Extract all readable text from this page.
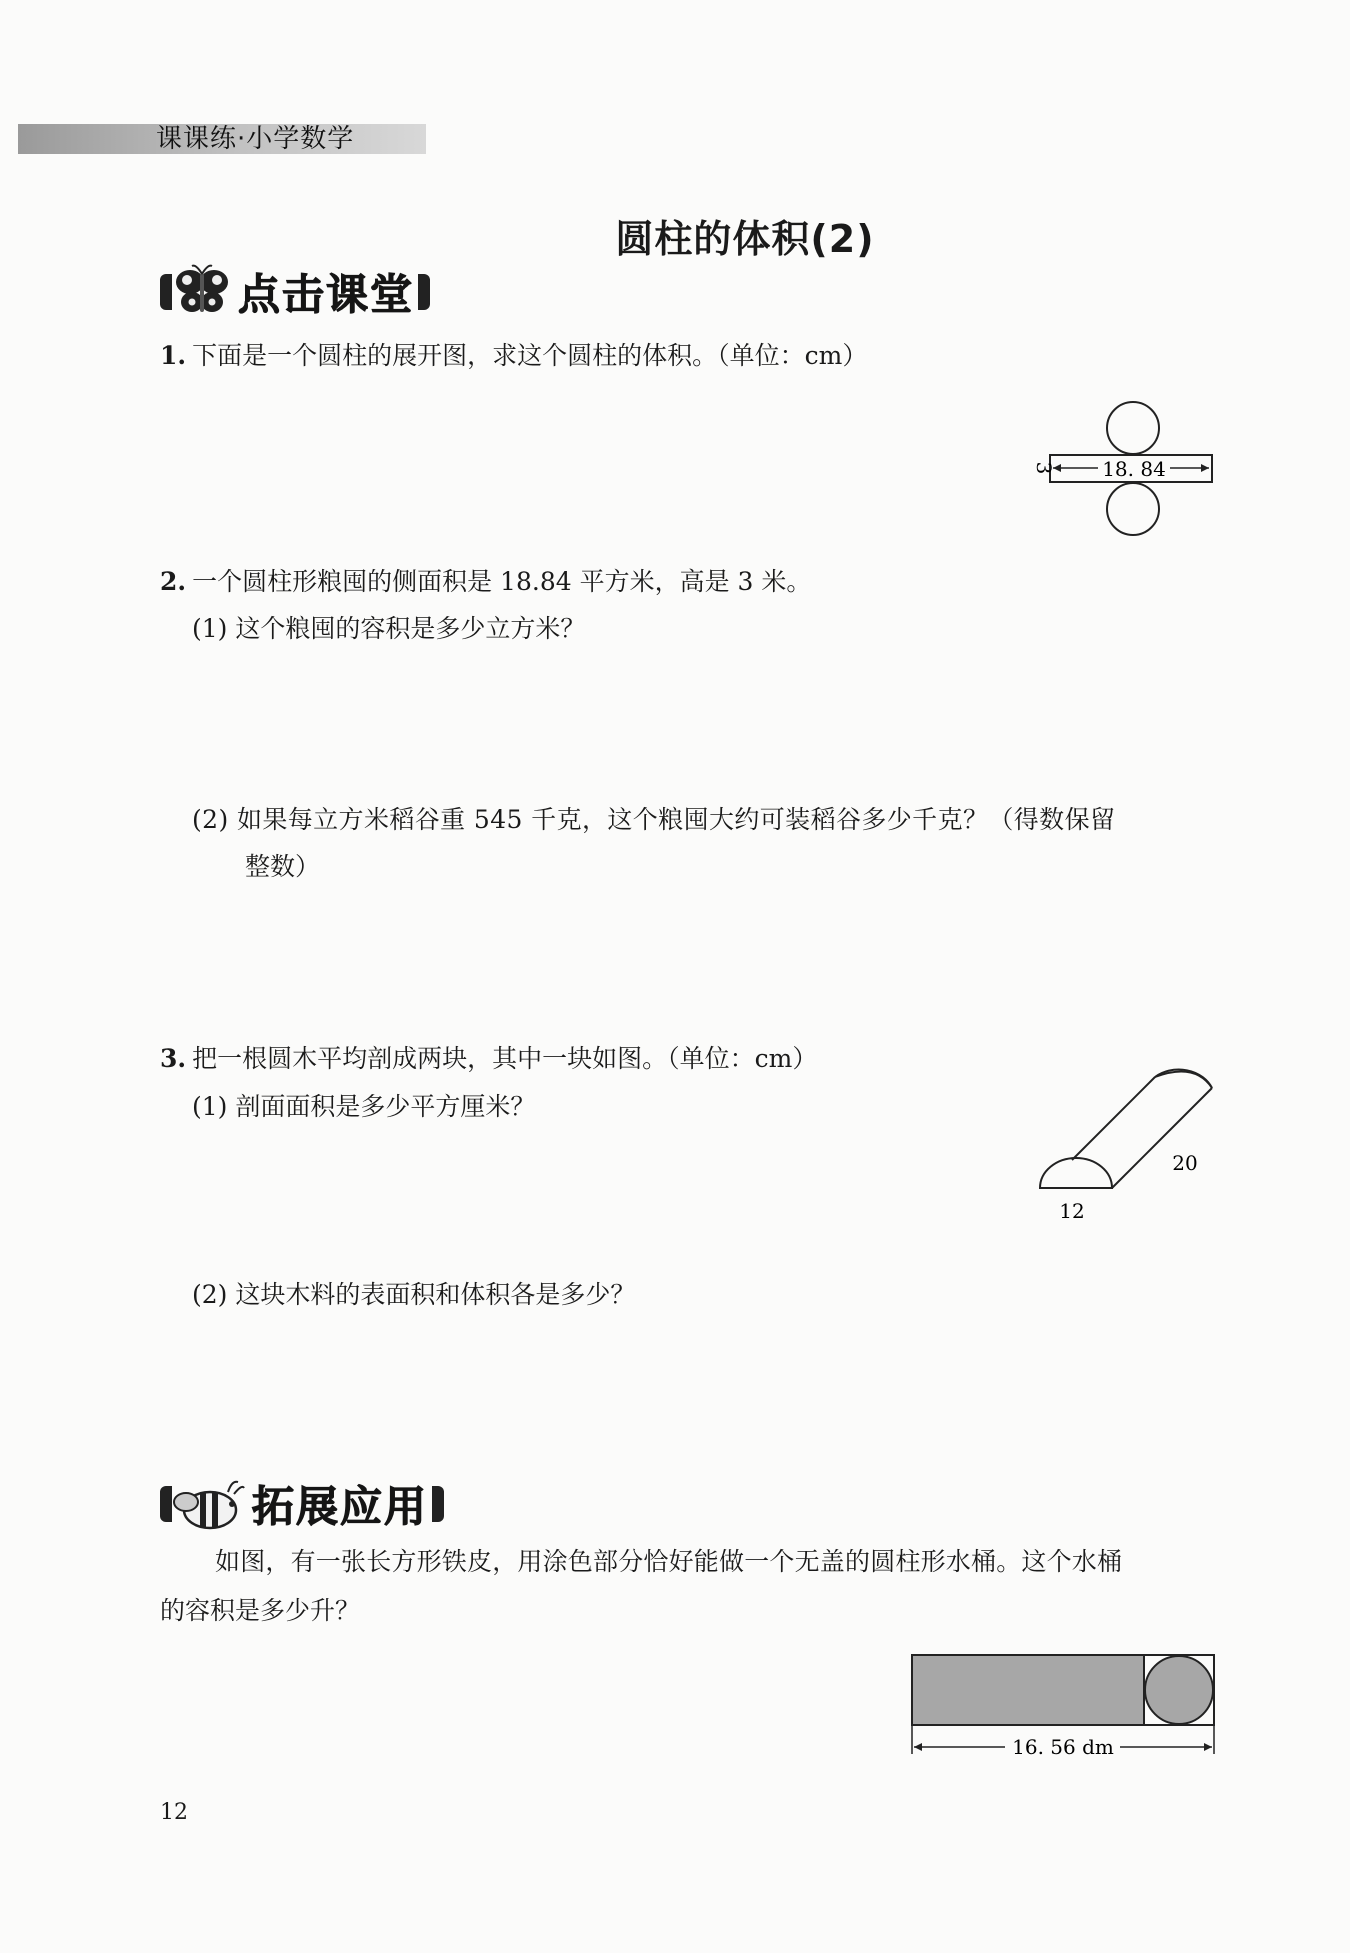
课课练·小学数学
圆柱的体积(2)
点击课堂
1. 下面是一个圆柱的展开图，求这个圆柱的体积。（单位：cm）
18. 84
3
2. 一个圆柱形粮囤的侧面积是 18.84 平方米，高是 3 米。
(1) 这个粮囤的容积是多少立方米？
(2) 如果每立方米稻谷重 545 千克，这个粮囤大约可装稻谷多少千克？（得数保留
整数）
3. 把一根圆木平均剖成两块，其中一块如图。（单位：cm）
(1) 剖面面积是多少平方厘米？
12
20
(2) 这块木料的表面积和体积各是多少？
拓展应用
如图，有一张长方形铁皮，用涂色部分恰好能做一个无盖的圆柱形水桶。这个水桶
的容积是多少升？
16. 56 dm
12
